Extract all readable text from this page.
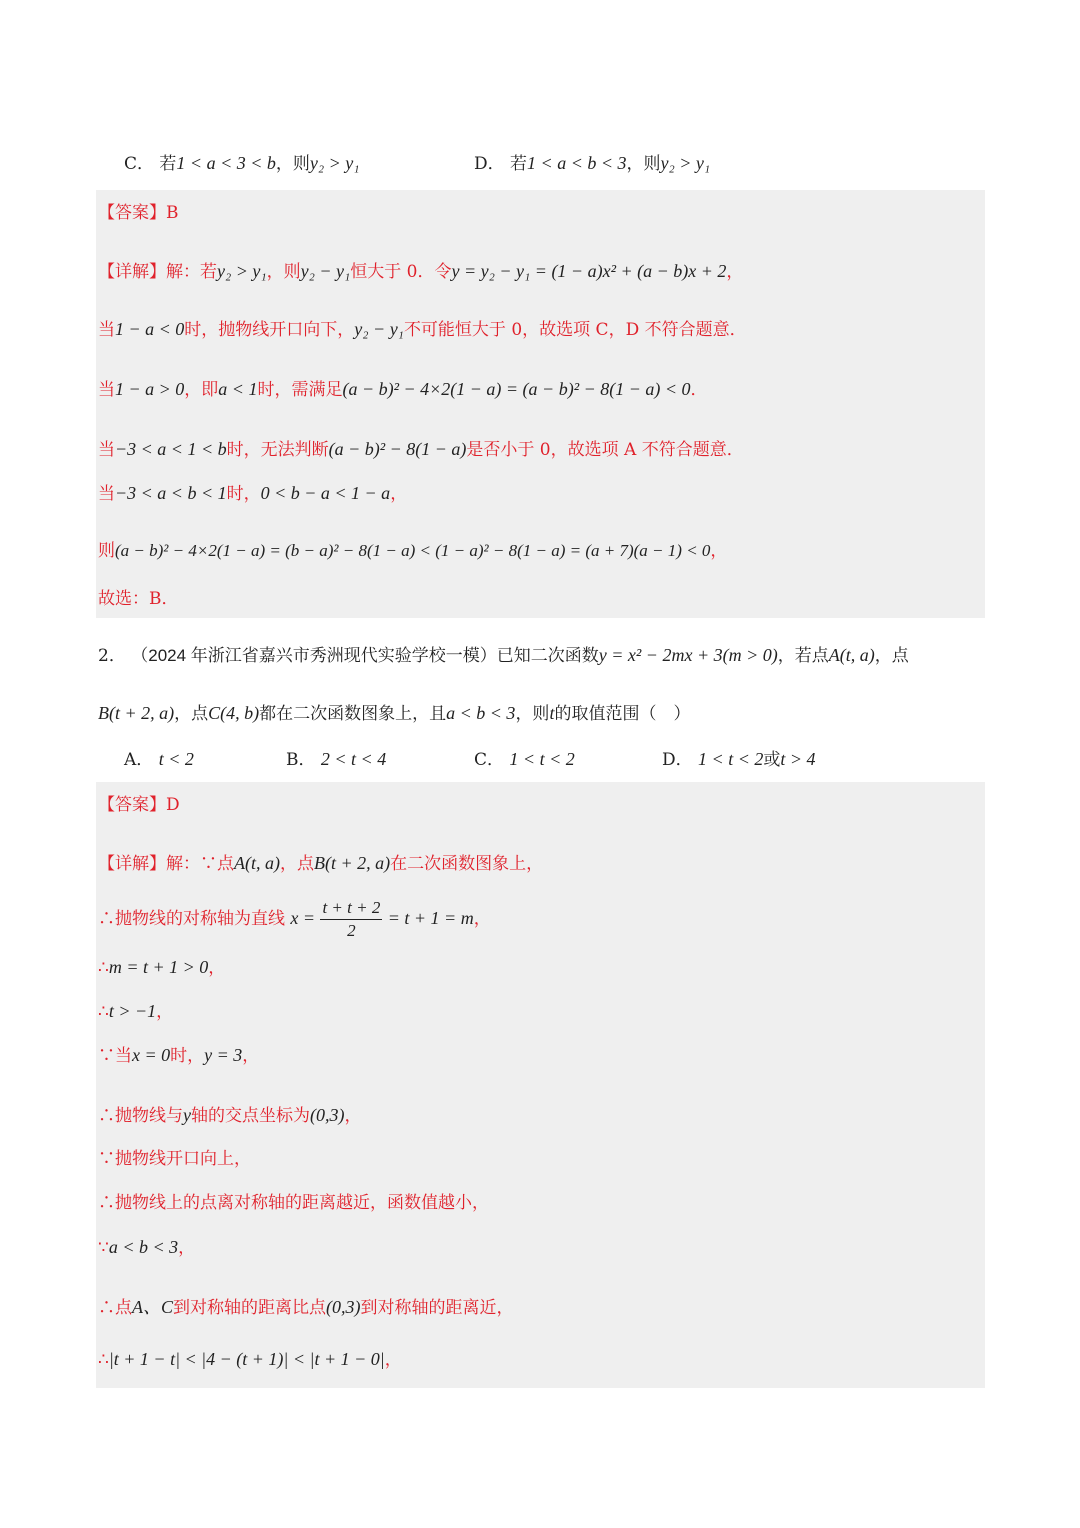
C． 若1 < a < 3 < b，则y₂ > y₁	D． 若1 < a < b < 3，则y₂ > y₁
【答案】B
【详解】解：若y₂ > y₁，则y₂ − y₁恒大于 0．令y = y₂ − y₁ = (1 − a)x² + (a − b)x + 2，
当1 − a < 0时，抛物线开口向下，y₂ − y₁不可能恒大于 0，故选项 C，D 不符合题意．
当1 − a > 0，即a < 1时，需满足(a − b)² − 4×2(1 − a) = (a − b)² − 8(1 − a) < 0．
当−3 < a < 1 < b时，无法判断(a − b)² − 8(1 − a)是否小于 0，故选项 A 不符合题意．
当−3 < a < b < 1时，0 < b − a < 1 − a，
则(a − b)² − 4×2(1 − a) = (b − a)² − 8(1 − a) < (1 − a)² − 8(1 − a) = (a + 7)(a − 1) < 0，
故选：B．
2． （2024 年浙江省嘉兴市秀洲现代实验学校一模）已知二次函数y = x² − 2mx + 3(m > 0)，若点A(t, a)，点
B(t + 2, a)，点C(4, b)都在二次函数图象上，且a < b < 3，则t的取值范围（　）
A． t < 2	B． 2 < t < 4	C． 1 < t < 2	D． 1 < t < 2或t > 4
【答案】D
【详解】解：∵点A(t, a)，点B(t + 2, a)在二次函数图象上，
∴抛物线的对称轴为直线 $x = \frac{t + t + 2}{2} = t + 1 = m$，
∴m = t + 1 > 0，
∴t > −1，
∵当x = 0时，y = 3，
∴抛物线与y轴的交点坐标为(0,3)，
∵抛物线开口向上，
∴抛物线上的点离对称轴的距离越近，函数值越小，
∵a < b < 3，
∴点A、C到对称轴的距离比点(0,3)到对称轴的距离近，
∴|t + 1 − t| < |4 − (t + 1)| < |t + 1 − 0|，
